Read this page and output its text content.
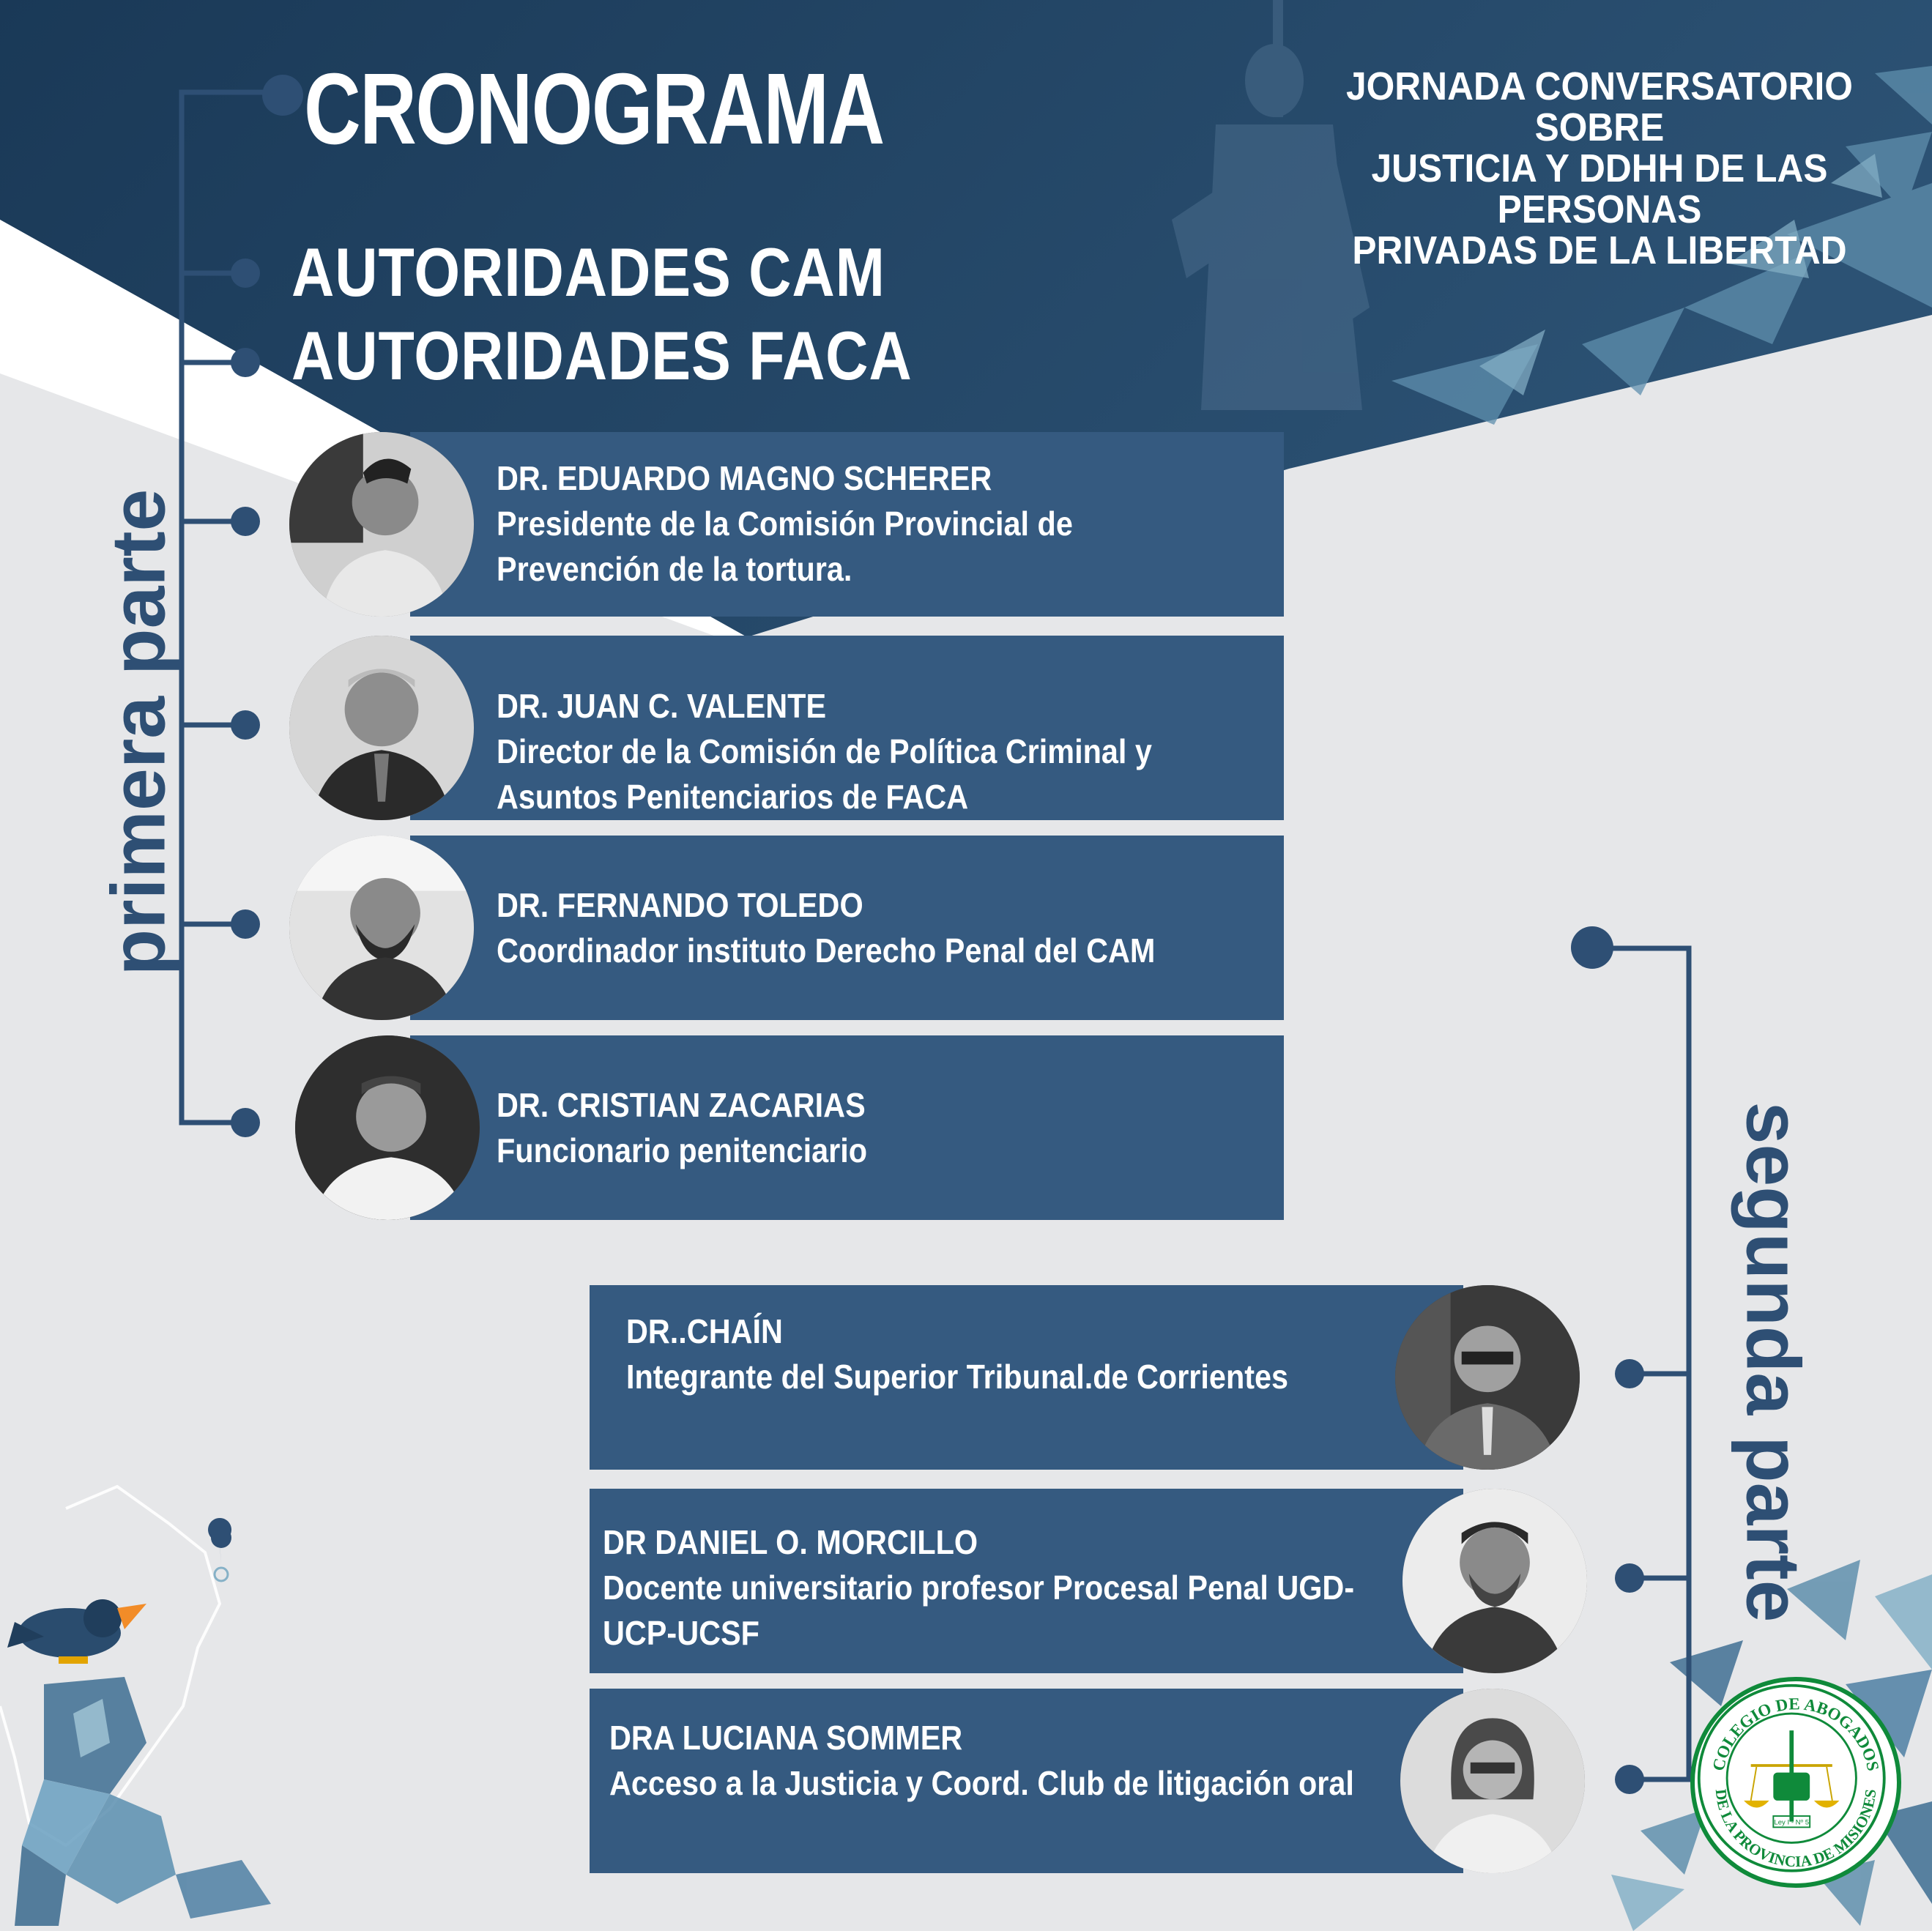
CRONOGRAMA	JORNADA CONVERSATORIO SOBRE
JUSTICIA Y DDHH DE LAS PERSONAS
PRIVADAS DE LA LIBERTAD
AUTORIDADES CAM
AUTORIDADES FACA
primera parte
segunda parte
DR. EDUARDO MAGNO SCHERER
Presidente de la Comisión Provincial de
Prevención de la tortura.
DR. JUAN C. VALENTE
Director de la Comisión de Política Criminal y
Asuntos Penitenciarios de FACA
DR. FERNANDO TOLEDO
Coordinador instituto Derecho Penal del CAM
DR. CRISTIAN ZACARIAS
Funcionario penitenciario
DR..CHAÍN
Integrante del Superior Tribunal.de Corrientes
DR DANIEL O. MORCILLO
Docente universitario profesor Procesal Penal UGD-
UCP-UCSF
DRA LUCIANA SOMMER
Acceso a la Justicia y Coord. Club de litigación oral	COLEGIO DE ABOGADOS
DE LA PROVINCIA DE MISIONES
Ley I - Nº 5
